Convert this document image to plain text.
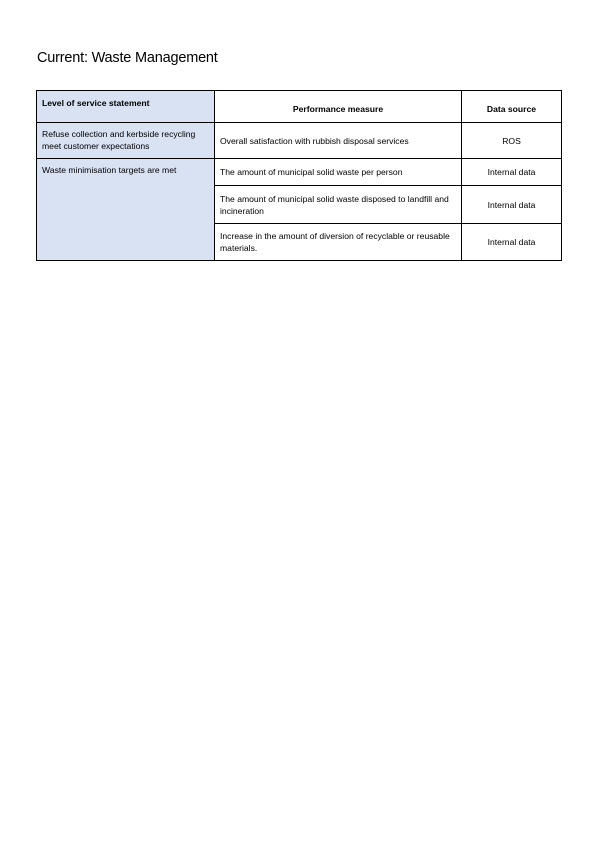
Current: Waste Management
Level of service statement	Performance measure	Data source
Refuse collection and kerbside recycling meet customer expectations	Overall satisfaction with rubbish disposal services	ROS
Waste minimisation targets are met	The amount of municipal solid waste per person	Internal data
	The amount of municipal solid waste disposed to landfill and incineration	Internal data
	Increase in the amount of diversion of recyclable or reusable materials.	Internal data
